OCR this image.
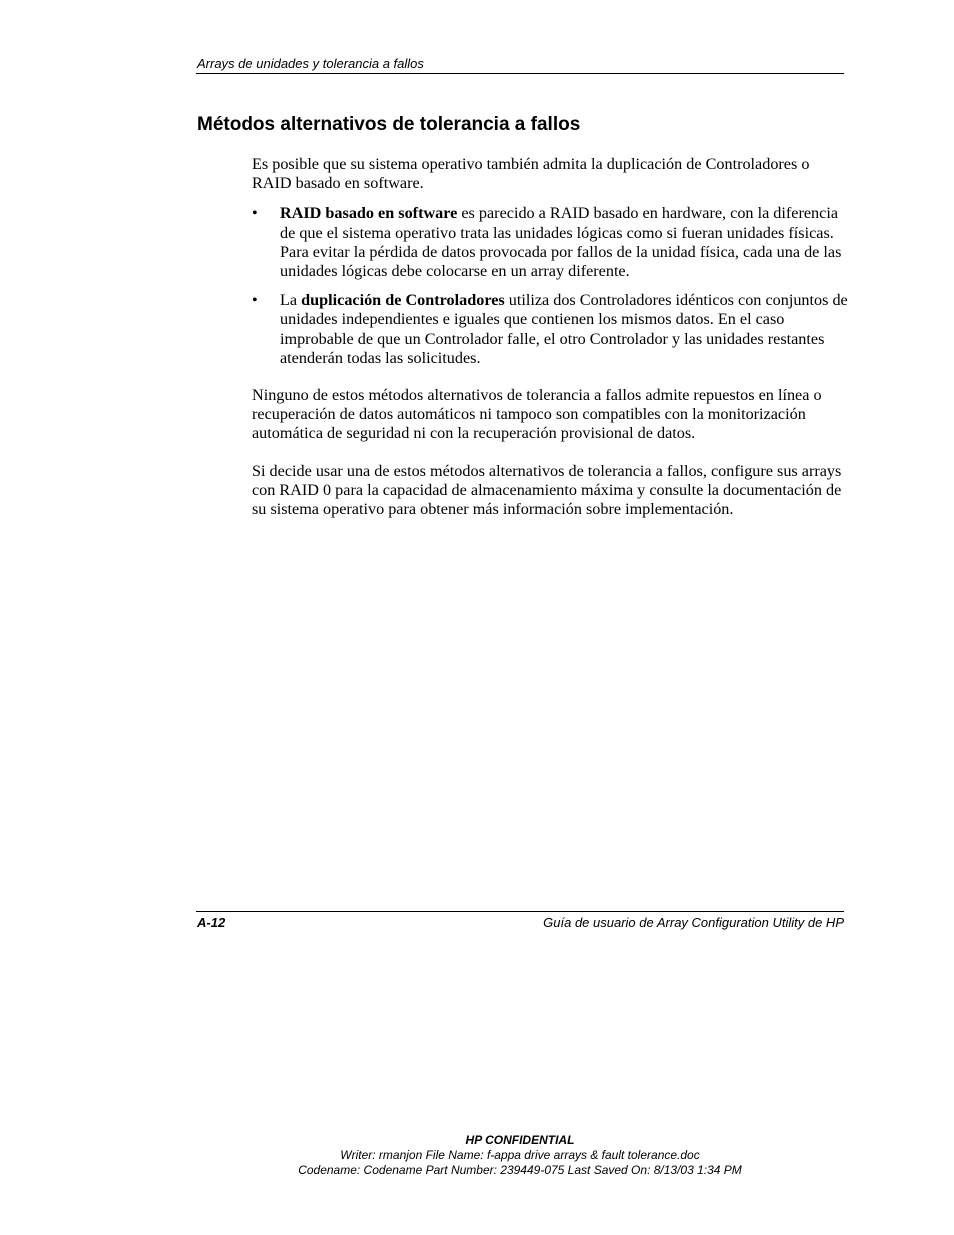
Arrays de unidades y tolerancia a fallos
Métodos alternativos de tolerancia a fallos

Es posible que su sistema operativo también admita la duplicación de Controladores o RAID basado en software.

• RAID basado en software es parecido a RAID basado en hardware, con la diferencia de que el sistema operativo trata las unidades lógicas como si fueran unidades físicas. Para evitar la pérdida de datos provocada por fallos de la unidad física, cada una de las unidades lógicas debe colocarse en un array diferente.
• La duplicación de Controladores utiliza dos Controladores idénticos con conjuntos de unidades independientes e iguales que contienen los mismos datos. En el caso improbable de que un Controlador falle, el otro Controlador y las unidades restantes atenderán todas las solicitudes.

Ninguno de estos métodos alternativos de tolerancia a fallos admite repuestos en línea o recuperación de datos automáticos ni tampoco son compatibles con la monitorización automática de seguridad ni con la recuperación provisional de datos.

Si decide usar una de estos métodos alternativos de tolerancia a fallos, configure sus arrays con RAID 0 para la capacidad de almacenamiento máxima y consulte la documentación de su sistema operativo para obtener más información sobre implementación.

A-12	Guía de usuario de Array Configuration Utility de HP
HP CONFIDENTIAL
Writer: rmanjon File Name: f-appa drive arrays & fault tolerance.doc
Codename: Codename Part Number: 239449-075 Last Saved On: 8/13/03 1:34 PM
